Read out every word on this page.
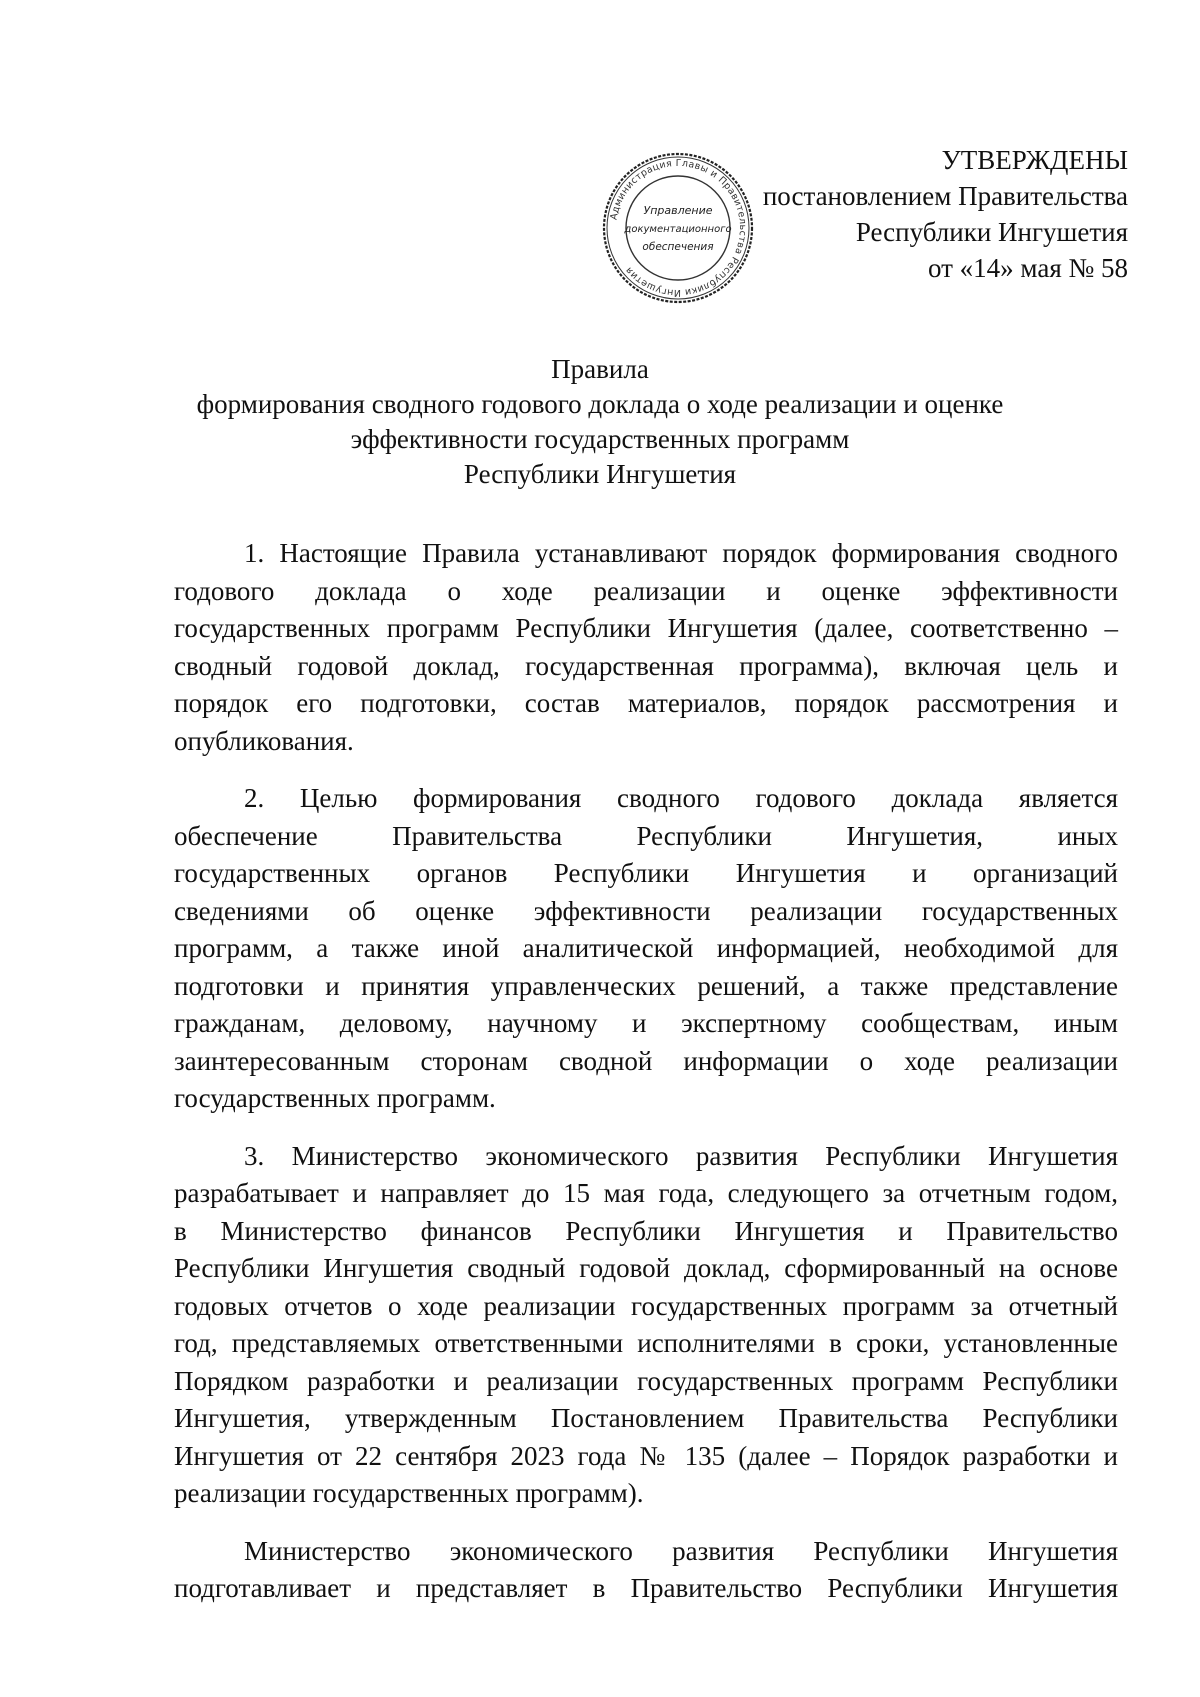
Администрация Главы и Правительства Республики Ингушетия
Управление
документационного
обеспечения
УТВЕРЖДЕНЫ
постановлением Правительства
Республики Ингушетия
от «14» мая № 58
Правила
формирования сводного годового доклада о ходе реализации и оценке
эффективности государственных программ
Республики Ингушетия
1. Настоящие Правила устанавливают порядок формирования сводного
годового доклада о ходе реализации и оценке эффективности
государственных программ Республики Ингушетия (далее, соответственно –
сводный годовой доклад, государственная программа), включая цель и
порядок его подготовки, состав материалов, порядок рассмотрения и
опубликования.
2. Целью формирования сводного годового доклада является
обеспечение Правительства Республики Ингушетия, иных
государственных органов Республики Ингушетия и организаций
сведениями об оценке эффективности реализации государственных
программ, а также иной аналитической информацией, необходимой для
подготовки и принятия управленческих решений, а также представление
гражданам, деловому, научному и экспертному сообществам, иным
заинтересованным сторонам сводной информации о ходе реализации
государственных программ.
3. Министерство экономического развития Республики Ингушетия
разрабатывает и направляет до 15 мая года, следующего за отчетным годом,
в Министерство финансов Республики Ингушетия и Правительство
Республики Ингушетия сводный годовой доклад, сформированный на основе
годовых отчетов о ходе реализации государственных программ за отчетный
год, представляемых ответственными исполнителями в сроки, установленные
Порядком разработки и реализации государственных программ Республики
Ингушетия, утвержденным Постановлением Правительства Республики
Ингушетия от 22 сентября 2023 года № 135 (далее – Порядок разработки и
реализации государственных программ).
Министерство экономического развития Республики Ингушетия
подготавливает и представляет в Правительство Республики Ингушетия
